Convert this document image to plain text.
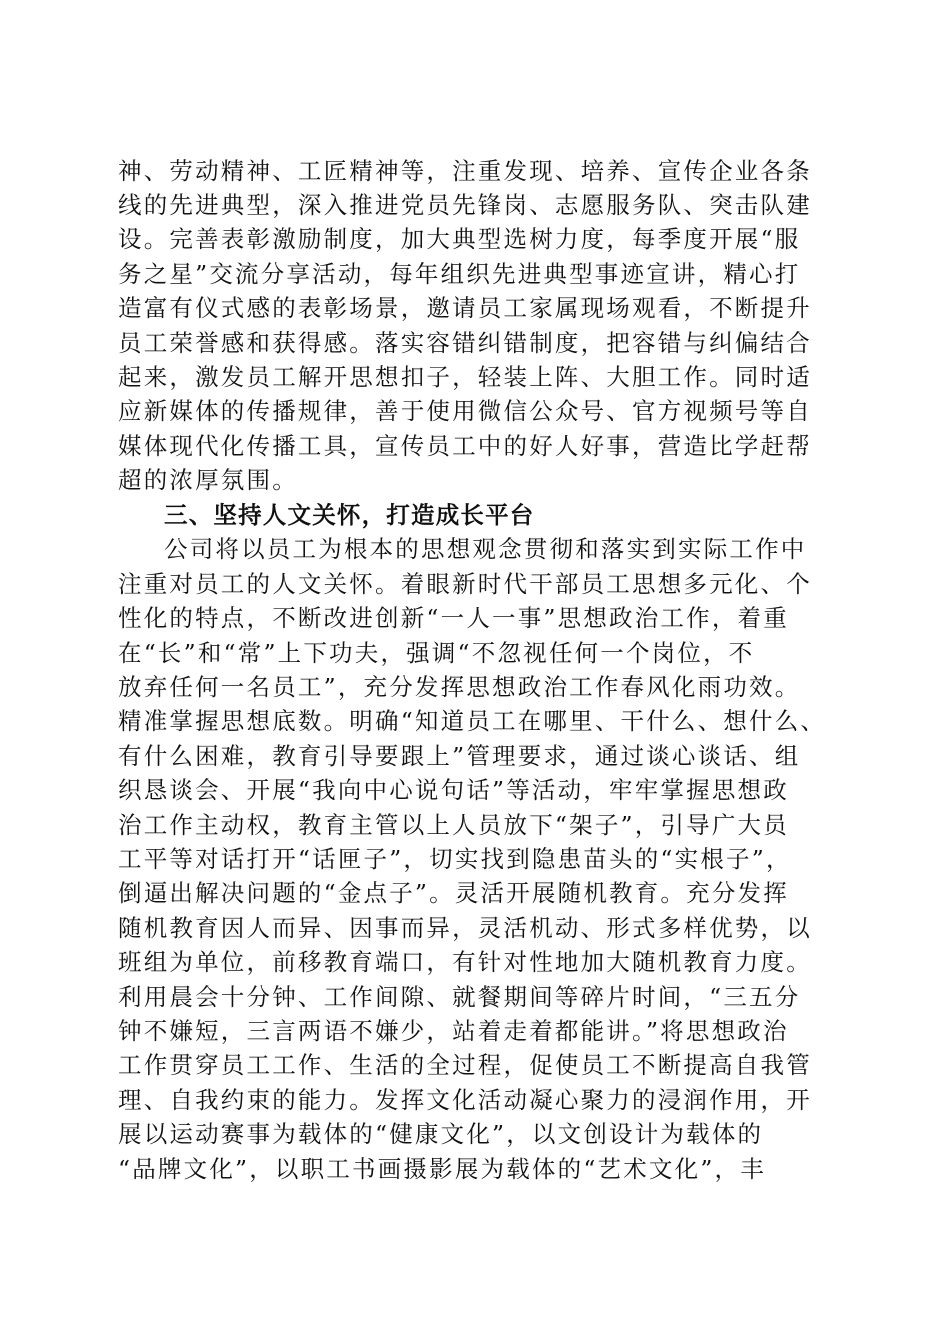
神、劳动精神、工匠精神等，注重发现、培养、宣传企业各条
线的先进典型，深入推进党员先锋岗、志愿服务队、突击队建
设。完善表彰激励制度，加大典型选树力度，每季度开展“服
务之星”交流分享活动，每年组织先进典型事迹宣讲，精心打
造富有仪式感的表彰场景，邀请员工家属现场观看，不断提升
员工荣誉感和获得感。落实容错纠错制度，把容错与纠偏结合
起来，激发员工解开思想扣子，轻装上阵、大胆工作。同时适
应新媒体的传播规律，善于使用微信公众号、官方视频号等自
媒体现代化传播工具，宣传员工中的好人好事，营造比学赶帮
超的浓厚氛围。
三、坚持人文关怀，打造成长平台
公司将以员工为根本的思想观念贯彻和落实到实际工作中
注重对员工的人文关怀。着眼新时代干部员工思想多元化、个
性化的特点，不断改进创新“一人一事”思想政治工作，着重
在“长”和“常”上下功夫，强调“不忽视任何一个岗位，不
放弃任何一名员工”，充分发挥思想政治工作春风化雨功效。
精准掌握思想底数。明确“知道员工在哪里、干什么、想什么、
有什么困难，教育引导要跟上”管理要求，通过谈心谈话、组
织恳谈会、开展“我向中心说句话”等活动，牢牢掌握思想政
治工作主动权，教育主管以上人员放下“架子”，引导广大员
工平等对话打开“话匣子”，切实找到隐患苗头的“实根子”，
倒逼出解决问题的“金点子”。灵活开展随机教育。充分发挥
随机教育因人而异、因事而异，灵活机动、形式多样优势，以
班组为单位，前移教育端口，有针对性地加大随机教育力度。
利用晨会十分钟、工作间隙、就餐期间等碎片时间，“三五分
钟不嫌短，三言两语不嫌少，站着走着都能讲。”将思想政治
工作贯穿员工工作、生活的全过程，促使员工不断提高自我管
理、自我约束的能力。发挥文化活动凝心聚力的浸润作用，开
展以运动赛事为载体的“健康文化”，以文创设计为载体的
“品牌文化”，以职工书画摄影展为载体的“艺术文化”，丰
